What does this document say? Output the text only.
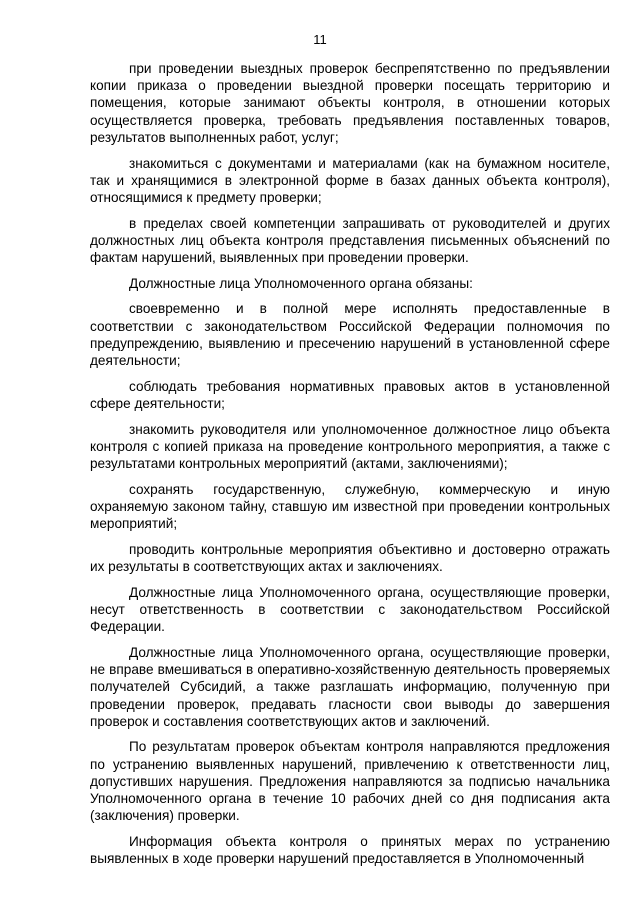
11

при проведении выездных проверок беспрепятственно по предъявлении копии приказа о проведении выездной проверки посещать территорию и помещения, которые занимают объекты контроля, в отношении которых осуществляется проверка, требовать предъявления поставленных товаров, результатов выполненных работ, услуг;

знакомиться с документами и материалами (как на бумажном носителе, так и хранящимися в электронной форме в базах данных объекта контроля), относящимися к предмету проверки;

в пределах своей компетенции запрашивать от руководителей и других должностных лиц объекта контроля представления письменных объяснений по фактам нарушений, выявленных при проведении проверки.

Должностные лица Уполномоченного органа обязаны:

своевременно и в полной мере исполнять предоставленные в соответствии с законодательством Российской Федерации полномочия по предупреждению, выявлению и пресечению нарушений в установленной сфере деятельности;

соблюдать требования нормативных правовых актов в установленной сфере деятельности;

знакомить руководителя или уполномоченное должностное лицо объекта контроля с копией приказа на проведение контрольного мероприятия, а также с результатами контрольных мероприятий (актами, заключениями);

сохранять государственную, служебную, коммерческую и иную охраняемую законом тайну, ставшую им известной при проведении контрольных мероприятий;

проводить контрольные мероприятия объективно и достоверно отражать их результаты в соответствующих актах и заключениях.

Должностные лица Уполномоченного органа, осуществляющие проверки, несут ответственность в соответствии с законодательством Российской Федерации.

Должностные лица Уполномоченного органа, осуществляющие проверки, не вправе вмешиваться в оперативно-хозяйственную деятельность проверяемых получателей Субсидий, а также разглашать информацию, полученную при проведении проверок, предавать гласности свои выводы до завершения проверок и составления соответствующих актов и заключений.

По результатам проверок объектам контроля направляются предложения по устранению выявленных нарушений, привлечению к ответственности лиц, допустивших нарушения. Предложения направляются за подписью начальника Уполномоченного органа в течение 10 рабочих дней со дня подписания акта (заключения) проверки.

Информация объекта контроля о принятых мерах по устранению выявленных в ходе проверки нарушений предоставляется в Уполномоченный
